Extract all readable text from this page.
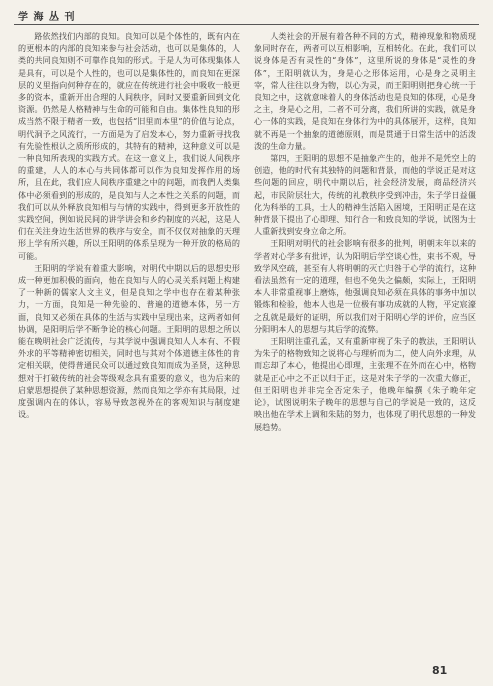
学 海 丛 刊

路依然找们内部的良知。良知可以是个体性的，既有内在的更根本的内部的良知来参与社会活动，也可以是集体的，人类的共同良知则不可靠作良知的形式。于是人为可体现集体人是具有，可以是个人性的，也可以是集体性的，而良知在更深层的义里指向何种存在的，就应在传统进行社会中吸收一般更多的资本，重新开出合理的人间秩序，同时又要重新回到文化资源。仍然是人格精神与生命的可能和自由。集体性良知的形成当然不限于精者一致，也包括“旧里而本里”的价值与论点，明代洞予之风流行，一方面是为了启发本心，努力重新寻找我有先验性根认之质所形成的，其特有的精神，这种意义可以是一种良知所表现的实践方式。在这一意义上，我们说人间秩序的重建，人人的本心与共同体都可以作为良知发挥作用的场所，且在此，我们应人间秩序重建之中的问题，而我們人类集体中必须看到的形成的，是良知与人之本性之关系的问题，而我们可以从外释放良知相与与情的实践中，得到更多开放性的实践空间，例如说民间的讲学讲会和乡约制度的兴起，这是人们在关注身边生活世界的秩序与安全，而不仅仅对抽象的天理形上学有所兴趣，所以王阳明的体系呈现为一种开放的格局的可能。

王阳明的学说有着重大影响，对明代中期以后的思想史形成一种更加积极的面向，他在良知与人的心灵关系问题上构建了一种新的儒家人文主义，但是良知之学中也存在着某种张力，一方面，良知是一种先验的、普遍的道德本体，另一方面，良知又必须在具体的生活与实践中呈现出来，这两者如何协调，是阳明后学不断争论的核心问题。王阳明的思想之所以能在晚明社会广泛流传，与其学说中强调良知人人本有、不假外求的平等精神密切相关，同时也与其对个体道德主体性的肯定相关联，使得普通民众可以通过致良知而成为圣贤，这种思想对于打破传统的社会等级观念具有重要的意义，也为后来的启蒙思想提供了某种思想资源，然而良知之学亦有其局限，过度强调内在的体认，容易导致忽视外在的客观知识与制度建设。

人类社会的开展有着各种不同的方式，精神现象和物质现象同时存在，两者可以互相影响，互相转化。在此，我们可以说身体是否有灵性的“身体”，这里所说的身体是“灵性的身体”，王阳明就认为，身是心之形体运用，心是身之灵明主宰，常人往往以身为物，以心为灵，而王阳明则把身心统一于良知之中，这就意味着人的身体活动也是良知的体现，心是身之主，身是心之用，二者不可分离，我们所讲的实践，就是身心一体的实践，是良知在身体行为中的具体展开，这样，良知就不再是一个抽象的道德原则，而是贯通于日常生活中的活泼泼的生命力量。

第四，王阳明的思想不是抽象产生的，他并不是凭空上的创造，他的时代有其独特的问题和背景，而他的学说正是对这些问题的回应，明代中期以后，社会经济发展，商品经济兴起，市民阶层壮大，传统的礼教秩序受到冲击，朱子学日益僵化为科举的工具，士人的精神生活陷入困境，王阳明正是在这种背景下提出了心即理、知行合一和致良知的学说，试图为士人重新找到安身立命之所。

王阳明对明代的社会影响有很多的批判，明朝末年以来的学者对心学多有批评，认为阳明后学空谈心性，束书不观，导致学风空疏，甚至有人将明朝的灭亡归咎于心学的流行，这种看法虽然有一定的道理，但也不免失之偏颇，实际上，王阳明本人非常重视事上磨炼，他强调良知必须在具体的事务中加以锻炼和检验，他本人也是一位极有事功成就的人物，平定宸濠之乱就是最好的证明，所以我们对于阳明心学的评价，应当区分阳明本人的思想与其后学的流弊。

王阳明注重孔孟，又有重新审视了朱子的教法，王阳明认为朱子的格物致知之说将心与理析而为二，使人向外求理，从而忘却了本心，他提出心即理，主张理不在外而在心中，格物就是正心中之不正以归于正，这是对朱子学的一次重大修正，但王阳明也并非完全否定朱子，他晚年编撰《朱子晚年定论》，试图说明朱子晚年的思想与自己的学说是一致的，这反映出他在学术上调和朱陆的努力，也体现了明代思想的一种发展趋势。

81
